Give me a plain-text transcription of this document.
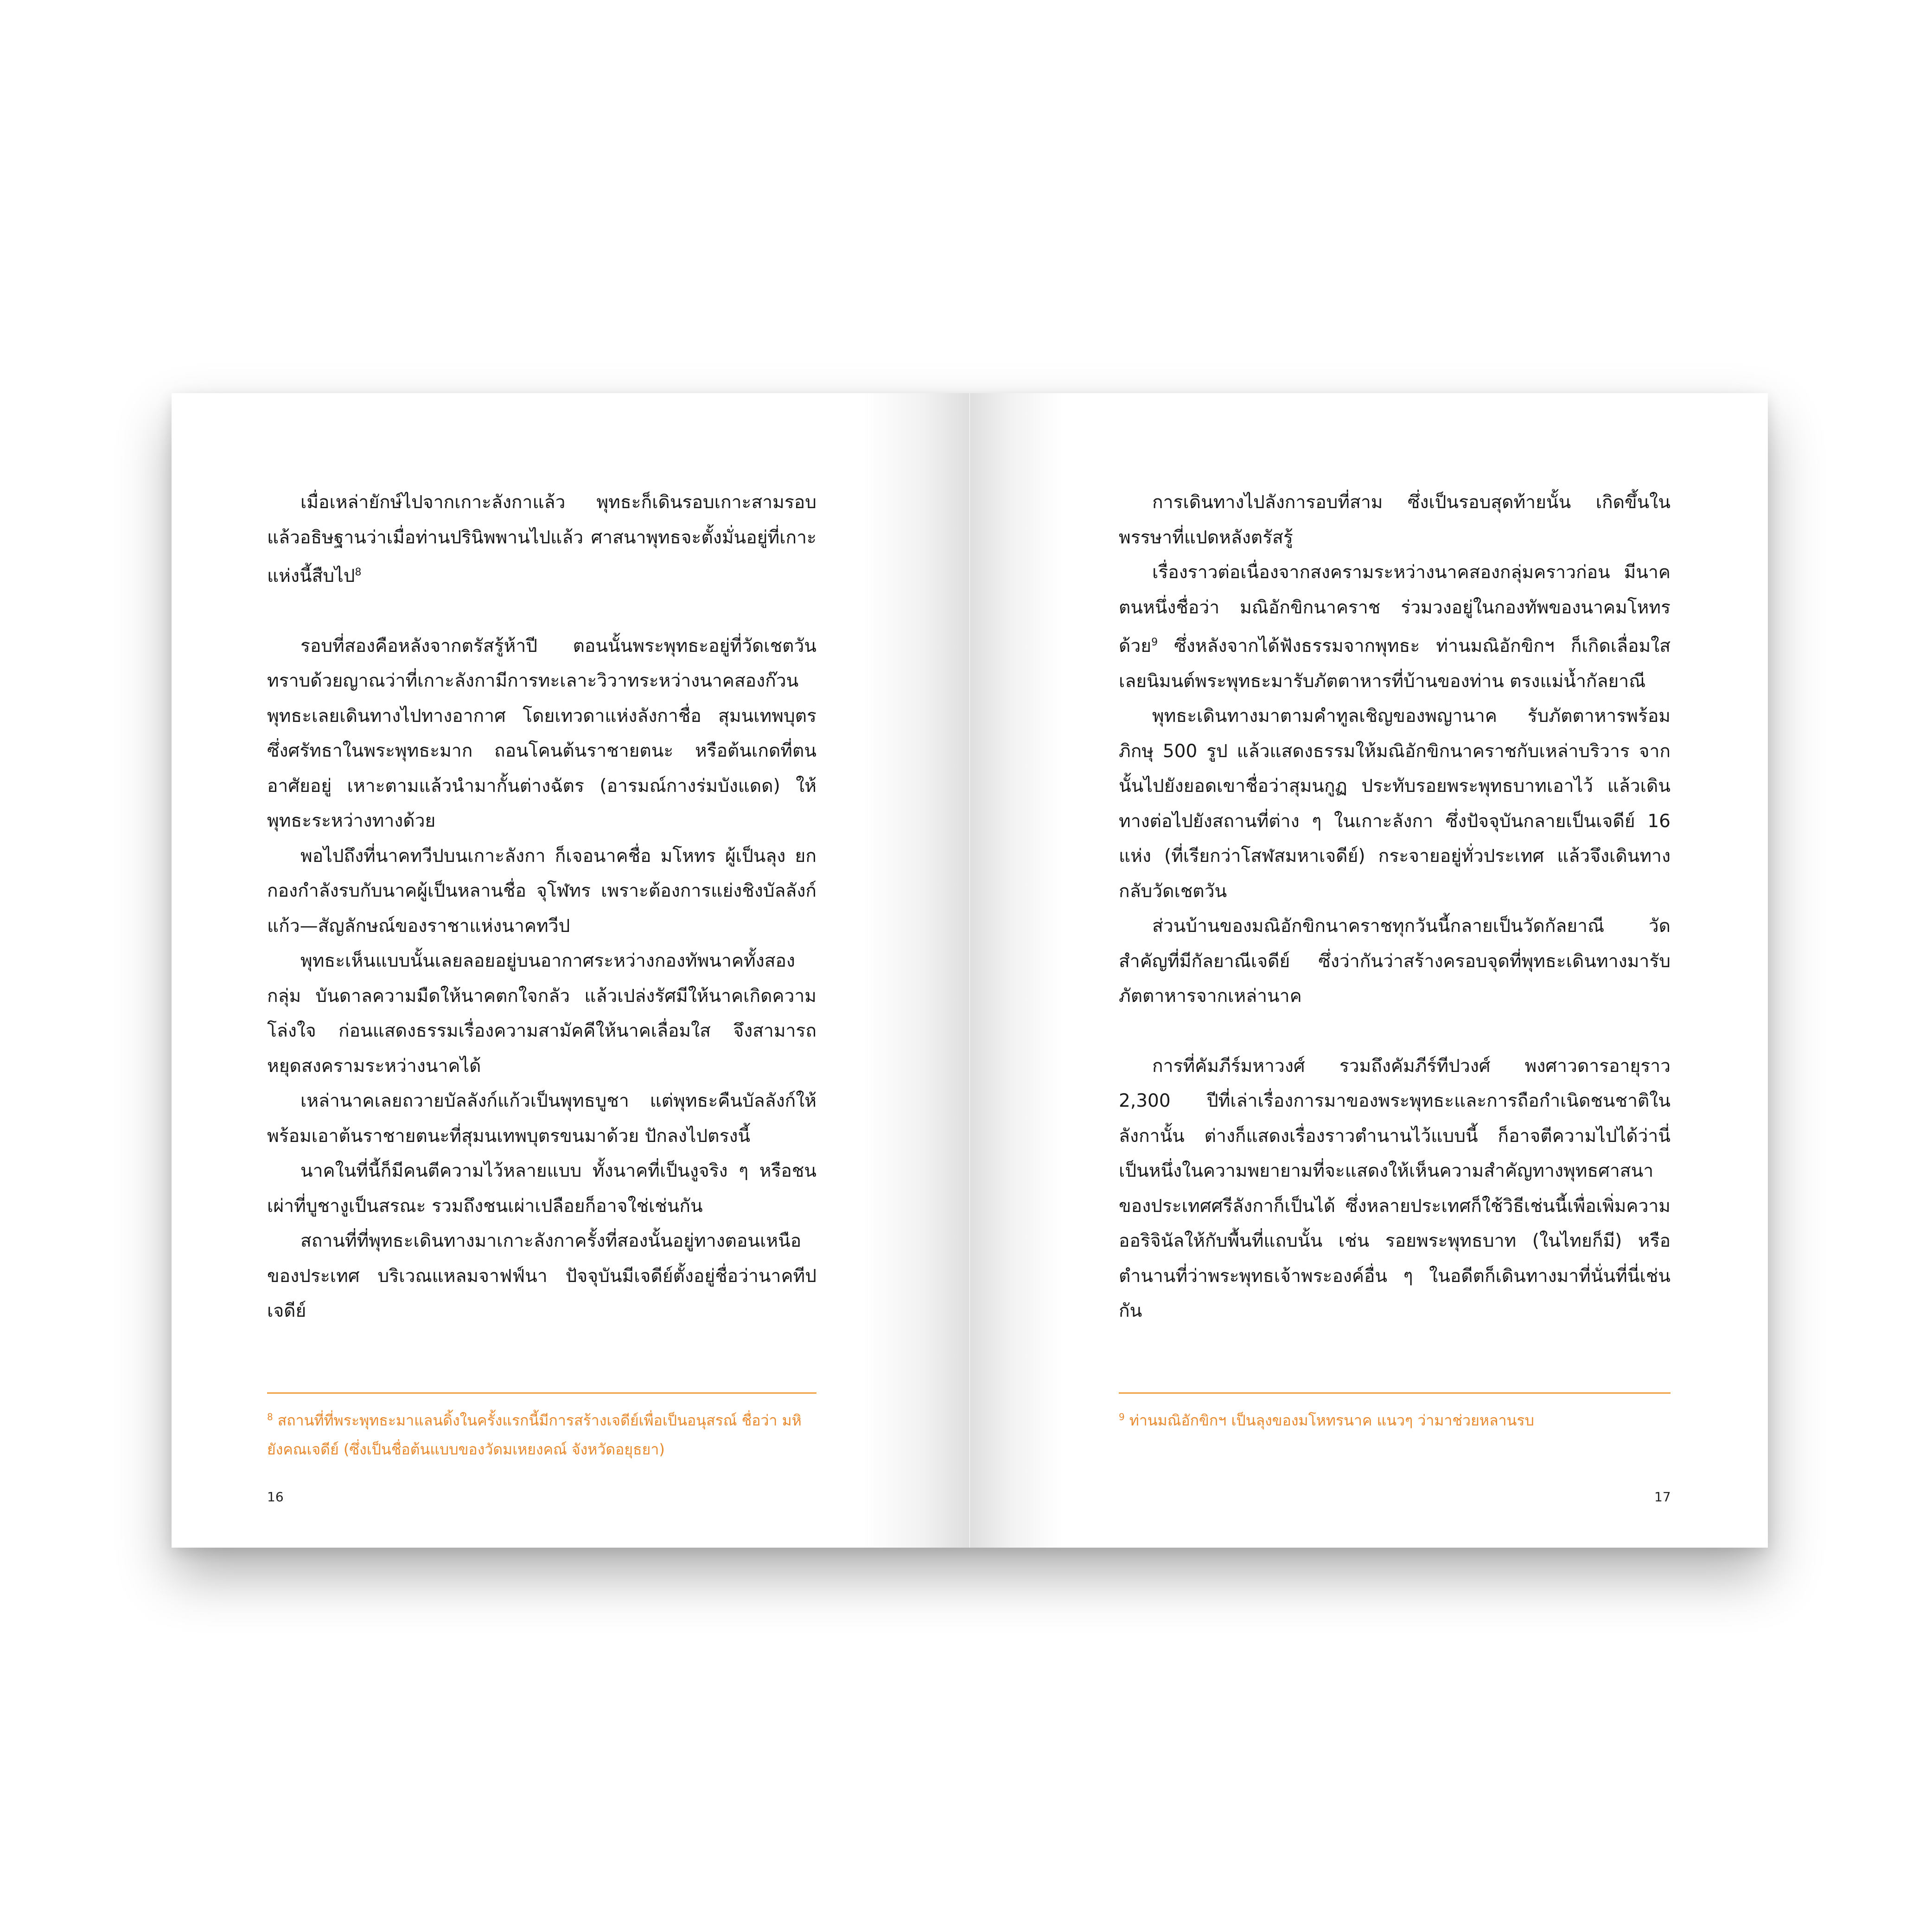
เมื่อเหล่ายักษ์ไปจากเกาะลังกาแล้ว พุทธะก็เดินรอบเกาะสามรอบ แล้วอธิษฐานว่าเมื่อท่านปรินิพพานไปแล้ว ศาสนาพุทธจะตั้งมั่นอยู่ที่เกาะแห่งนี้สืบไป$^8$

รอบที่สองคือหลังจากตรัสรู้ห้าปี ตอนนั้นพระพุทธะอยู่ที่วัดเชตวัน ทราบด้วยญาณว่าที่เกาะลังกามีการทะเลาะวิวาทระหว่างนาคสองก๊วน พุทธะเลยเดินทางไปทางอากาศ โดยเทวดาแห่งลังกาชื่อ สุมนเทพบุตร ซึ่งศรัทธาในพระพุทธะมาก ถอนโคนต้นราชายตนะ หรือต้นเกดที่ตนอาศัยอยู่ เหาะตามแล้วนำมากั้นต่างฉัตร (อารมณ์กางร่มบังแดด) ให้พุทธะระหว่างทางด้วย

พอไปถึงที่นาคทวีปบนเกาะลังกา ก็เจอนาคชื่อ มโหทร ผู้เป็นลุง ยกกองกำลังรบกับนาคผู้เป็นหลานชื่อ จุโฬทร เพราะต้องการแย่งชิงบัลลังก์แก้ว—สัญลักษณ์ของราชาแห่งนาคทวีป

พุทธะเห็นแบบนั้นเลยลอยอยู่บนอากาศระหว่างกองทัพนาคทั้งสองกลุ่ม บันดาลความมืดให้นาคตกใจกลัว แล้วเปล่งรัศมีให้นาคเกิดความโล่งใจ ก่อนแสดงธรรมเรื่องความสามัคคีให้นาคเลื่อมใส จึงสามารถหยุดสงครามระหว่างนาคได้

เหล่านาคเลยถวายบัลลังก์แก้วเป็นพุทธบูชา แต่พุทธะคืนบัลลังก์ให้ พร้อมเอาต้นราชายตนะที่สุมนเทพบุตรขนมาด้วย ปักลงไปตรงนี้

นาคในที่นี้ก็มีคนตีความไว้หลายแบบ ทั้งนาคที่เป็นงูจริง ๆ หรือชนเผ่าที่บูชางูเป็นสรณะ รวมถึงชนเผ่าเปลือยก็อาจใช่เช่นกัน

สถานที่ที่พุทธะเดินทางมาเกาะลังกาครั้งที่สองนั้นอยู่ทางตอนเหนือของประเทศ บริเวณแหลมจาฟฟ์นา ปัจจุบันมีเจดีย์ตั้งอยู่ชื่อว่านาคทีปเจดีย์

$^8$ สถานที่ที่พระพุทธะมาแลนดิ้งในครั้งแรกนี้มีการสร้างเจดีย์เพื่อเป็นอนุสรณ์ ชื่อว่า มหิยังคณเจดีย์ (ซึ่งเป็นชื่อต้นแบบของวัดมเหยงคณ์ จังหวัดอยุธยา)
16

การเดินทางไปลังการอบที่สาม ซึ่งเป็นรอบสุดท้ายนั้น เกิดขึ้นในพรรษาที่แปดหลังตรัสรู้

เรื่องราวต่อเนื่องจากสงครามระหว่างนาคสองกลุ่มคราวก่อน มีนาคตนหนึ่งชื่อว่า มณิอักขิกนาคราช ร่วมวงอยู่ในกองทัพของนาคมโหทรด้วย$^9$ ซึ่งหลังจากได้ฟังธรรมจากพุทธะ ท่านมณิอักขิกฯ ก็เกิดเลื่อมใส เลยนิมนต์พระพุทธะมารับภัตตาหารที่บ้านของท่าน ตรงแม่น้ำกัลยาณี

พุทธะเดินทางมาตามคำทูลเชิญของพญานาค รับภัตตาหารพร้อมภิกษุ 500 รูป แล้วแสดงธรรมให้มณิอักขิกนาคราชกับเหล่าบริวาร จากนั้นไปยังยอดเขาชื่อว่าสุมนกูฏ ประทับรอยพระพุทธบาทเอาไว้ แล้วเดินทางต่อไปยังสถานที่ต่าง ๆ ในเกาะลังกา ซึ่งปัจจุบันกลายเป็นเจดีย์ 16 แห่ง (ที่เรียกว่าโสฬสมหาเจดีย์) กระจายอยู่ทั่วประเทศ แล้วจึงเดินทางกลับวัดเชตวัน

ส่วนบ้านของมณิอักขิกนาคราชทุกวันนี้กลายเป็นวัดกัลยาณี วัดสำคัญที่มีกัลยาณีเจดีย์ ซึ่งว่ากันว่าสร้างครอบจุดที่พุทธะเดินทางมารับภัตตาหารจากเหล่านาค

การที่คัมภีร์มหาวงศ์ รวมถึงคัมภีร์ทีปวงศ์ พงศาวดารอายุราว 2,300 ปีที่เล่าเรื่องการมาของพระพุทธะและการถือกำเนิดชนชาติในลังกานั้น ต่างก็แสดงเรื่องราวตำนานไว้แบบนี้ ก็อาจตีความไปได้ว่านี่เป็นหนึ่งในความพยายามที่จะแสดงให้เห็นความสำคัญทางพุทธศาสนาของประเทศศรีลังกาก็เป็นได้ ซึ่งหลายประเทศก็ใช้วิธีเช่นนี้เพื่อเพิ่มความออริจินัลให้กับพื้นที่แถบนั้น เช่น รอยพระพุทธบาท (ในไทยก็มี) หรือตำนานที่ว่าพระพุทธเจ้าพระองค์อื่น ๆ ในอดีตก็เดินทางมาที่นั่นที่นี่เช่นกัน

$^9$ ท่านมณิอักขิกฯ เป็นลุงของมโหทรนาค แนวๆ ว่ามาช่วยหลานรบ
17
